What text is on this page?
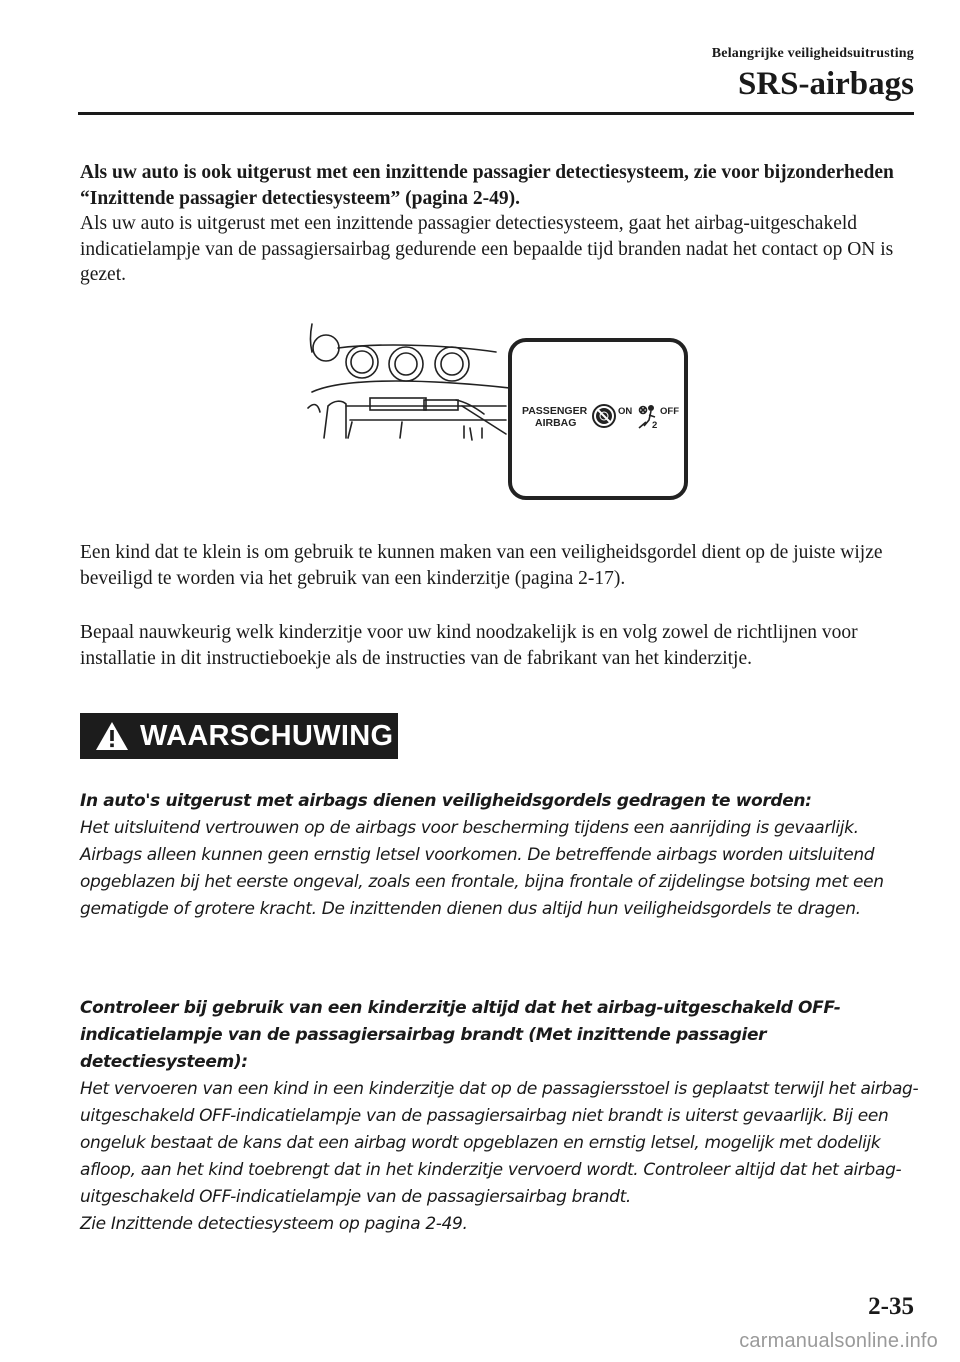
Belangrijke veiligheidsuitrusting
SRS-airbags
Als uw auto is ook uitgerust met een inzittende passagier detectiesysteem, zie voor bijzonderheden “Inzittende passagier detectiesysteem” (pagina 2-49).
Als uw auto is uitgerust met een inzittende passagier detectiesysteem, gaat het airbag-uitgeschakeld indicatielampje van de passagiersairbag gedurende een bepaalde tijd branden nadat het contact op ON is gezet.
PASSENGER
AIRBAG
ON	OFF
2
Een kind dat te klein is om gebruik te kunnen maken van een veiligheidsgordel dient op de juiste wijze beveiligd te worden via het gebruik van een kinderzitje (pagina 2-17).
Bepaal nauwkeurig welk kinderzitje voor uw kind noodzakelijk is en volg zowel de richtlijnen voor installatie in dit instructieboekje als de instructies van de fabrikant van het kinderzitje.
WAARSCHUWING
In auto's uitgerust met airbags dienen veiligheidsgordels gedragen te worden:
Het uitsluitend vertrouwen op de airbags voor bescherming tijdens een aanrijding is gevaarlijk. Airbags alleen kunnen geen ernstig letsel voorkomen. De betreffende airbags worden uitsluitend opgeblazen bij het eerste ongeval, zoals een frontale, bijna frontale of zijdelingse botsing met een gematigde of grotere kracht. De inzittenden dienen dus altijd hun veiligheidsgordels te dragen.
Controleer bij gebruik van een kinderzitje altijd dat het airbag-uitgeschakeld OFF-indicatielampje van de passagiersairbag brandt (Met inzittende passagier detectiesysteem):
Het vervoeren van een kind in een kinderzitje dat op de passagiersstoel is geplaatst terwijl het airbag-uitgeschakeld OFF-indicatielampje van de passagiersairbag niet brandt is uiterst gevaarlijk. Bij een ongeluk bestaat de kans dat een airbag wordt opgeblazen en ernstig letsel, mogelijk met dodelijk afloop, aan het kind toebrengt dat in het kinderzitje vervoerd wordt. Controleer altijd dat het airbag-uitgeschakeld OFF-indicatielampje van de passagiersairbag brandt.
Zie Inzittende detectiesysteem op pagina 2-49.
2-35
carmanualsonline.info
